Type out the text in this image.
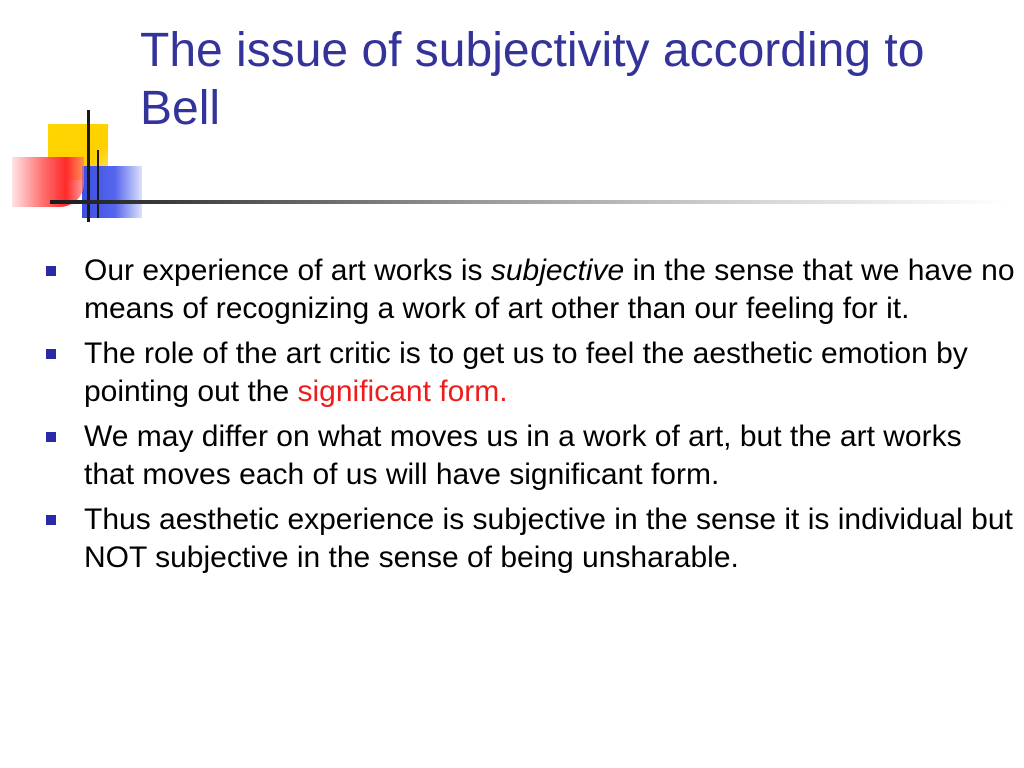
The issue of subjectivity according to Bell
Our experience of art works is subjective in the sense that we have no means of recognizing a work of art other than our feeling for it.
The role of the art critic is to get us to feel the aesthetic emotion by pointing out the significant form.
We may differ on what moves us in a work of art, but the art works that moves each of us will have significant form.
Thus aesthetic experience is subjective in the sense it is individual but NOT subjective in the sense of being unsharable.
